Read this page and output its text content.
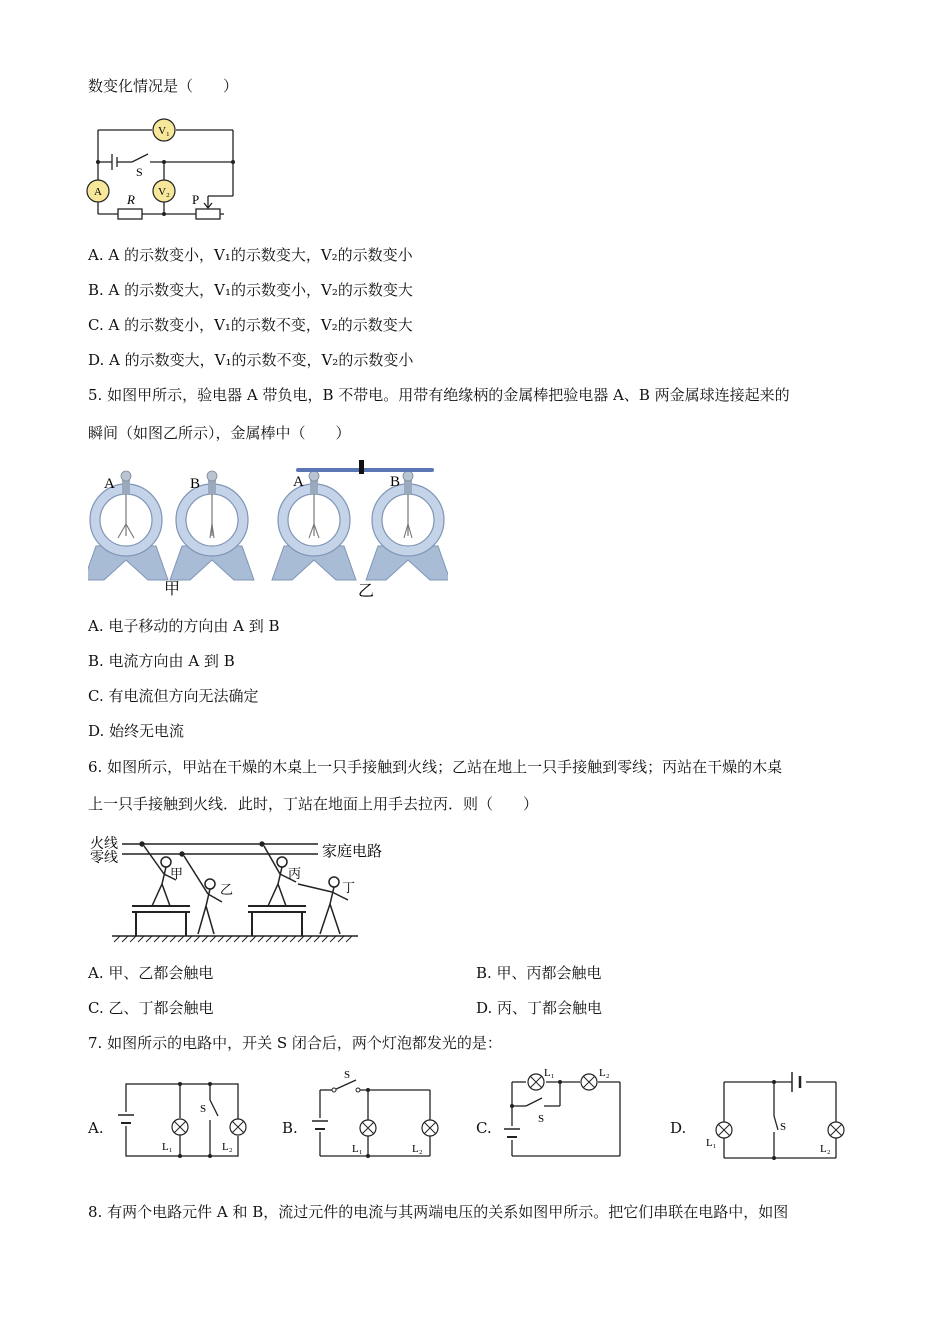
数变化情况是（　　）
V₁
V₂
A
S
R	P
A. A 的示数变小，V₁的示数变大，V₂的示数变小
B. A 的示数变大，V₁的示数变小，V₂的示数变大
C. A 的示数变小，V₁的示数不变，V₂的示数变大
D. A 的示数变大，V₁的示数不变，V₂的示数变小
5. 如图甲所示，验电器 A 带负电，B 不带电。用带有绝缘柄的金属棒把验电器 A、B 两金属球连接起来的
瞬间（如图乙所示），金属棒中（　　）
A	B	A	B
甲	乙
A. 电子移动的方向由 A 到 B
B. 电流方向由 A 到 B
C. 有电流但方向无法确定
D. 始终无电流
6. 如图所示，甲站在干燥的木桌上一只手接触到火线；乙站在地上一只手接触到零线；丙站在干燥的木桌
上一只手接触到火线．此时，丁站在地面上用手去拉丙．则（　　）
火线
零线	家庭电路
甲
乙
丙
丁
A. 甲、乙都会触电	B. 甲、丙都会触电
C. 乙、丁都会触电	D. 丙、丁都会触电
7. 如图所示的电路中，开关 S 闭合后，两个灯泡都发光的是：
A.	B.	C.	D.
S
L₁	L₂
S
L₁	L₂
L₁	L₂
S
S
L₁	L₂
8. 有两个电路元件 A 和 B，流过元件的电流与其两端电压的关系如图甲所示。把它们串联在电路中，如图
